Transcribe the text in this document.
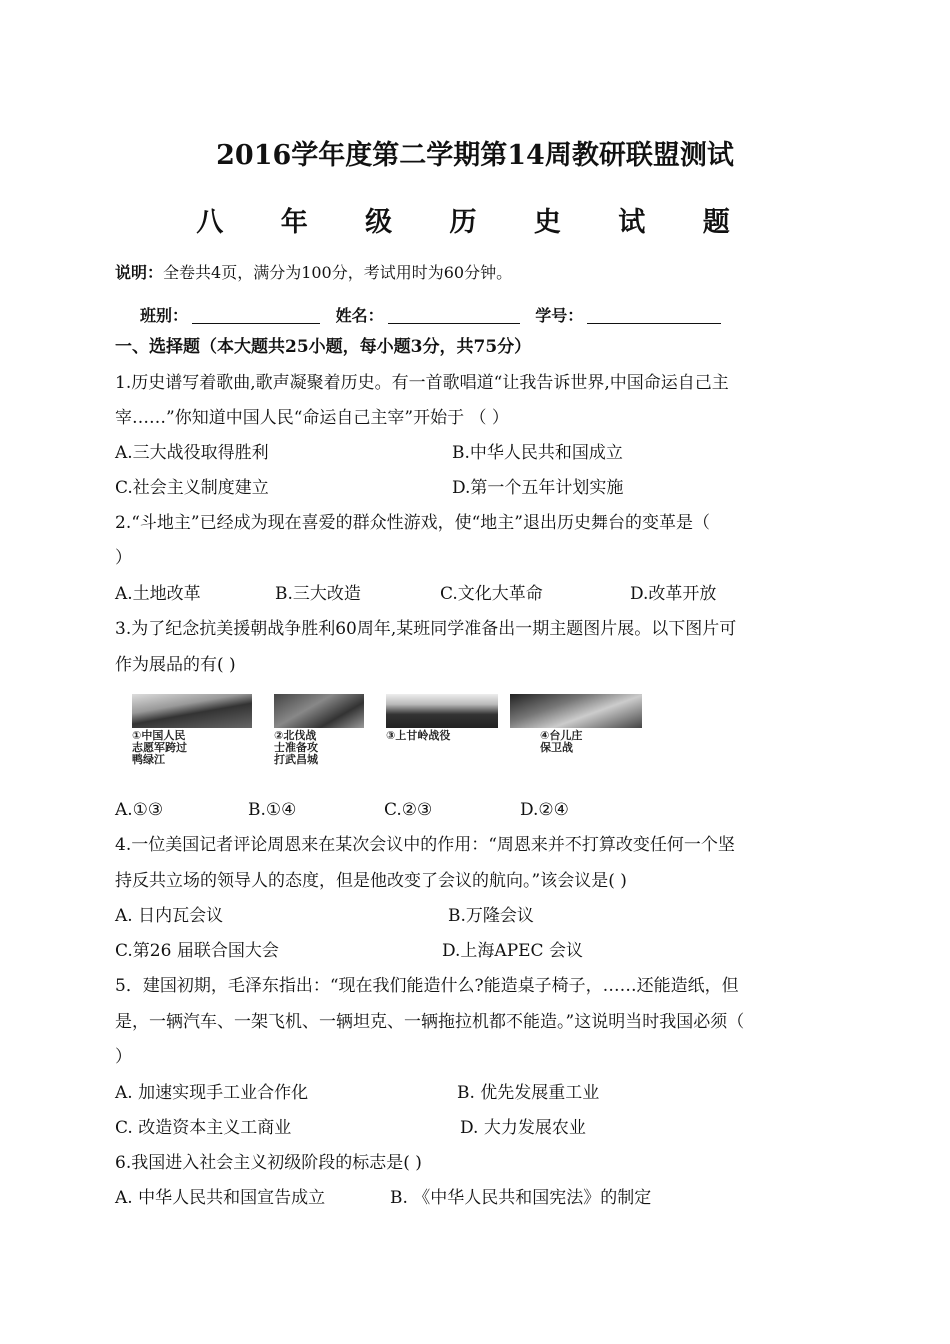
2016学年度第二学期第14周教研联盟测试
八 年 级 历 史 试 题
说明：全卷共4页，满分为100分，考试用时为60分钟。
班别：	姓名：	学号：
一、选择题（本大题共25小题，每小题3分，共75分）
1.历史谱写着歌曲,歌声凝聚着历史。有一首歌唱道“让我告诉世界,中国命运自己主
宰……”你知道中国人民“命运自己主宰”开始于 （ ）
A.三大战役取得胜利	B.中华人民共和国成立
C.社会主义制度建立	D.第一个五年计划实施
2.“斗地主”已经成为现在喜爱的群众性游戏，使“地主”退出历史舞台的变革是（
）
A.土地改革	B.三大改造	C.文化大革命	D.改革开放
3.为了纪念抗美援朝战争胜利60周年,某班同学准备出一期主题图片展。以下图片可
作为展品的有( )
①中国人民
志愿军跨过
鸭绿江
②北伐战
士准备攻
打武昌城
③上甘岭战役	④台儿庄
保卫战
A.①③	B.①④	C.②③	D.②④
4.一位美国记者评论周恩来在某次会议中的作用：“周恩来并不打算改变任何一个坚
持反共立场的领导人的态度，但是他改变了会议的航向。”该会议是( )
A. 日内瓦会议	B.万隆会议
C.第26 届联合国大会	D.上海APEC 会议
5．建国初期，毛泽东指出：“现在我们能造什么?能造桌子椅子，……还能造纸，但
是，一辆汽车、一架飞机、一辆坦克、一辆拖拉机都不能造。”这说明当时我国必须（
）
A. 加速实现手工业合作化	B. 优先发展重工业
C. 改造资本主义工商业	D. 大力发展农业
6.我国进入社会主义初级阶段的标志是( )
A. 中华人民共和国宣告成立	B. 《中华人民共和国宪法》的制定
